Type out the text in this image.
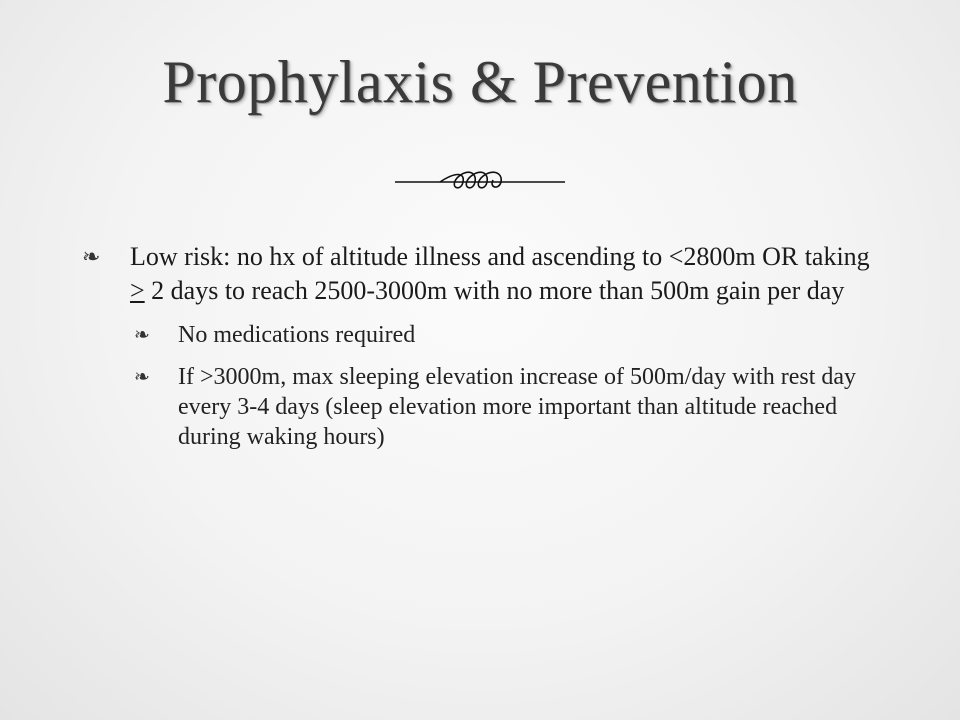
Prophylaxis & Prevention
❧ Low risk: no hx of altitude illness and ascending to <2800m OR taking ≥ 2 days to reach 2500-3000m with no more than 500m gain per day
❧ No medications required
❧ If >3000m, max sleeping elevation increase of 500m/day with rest day every 3-4 days (sleep elevation more important than altitude reached during waking hours)
